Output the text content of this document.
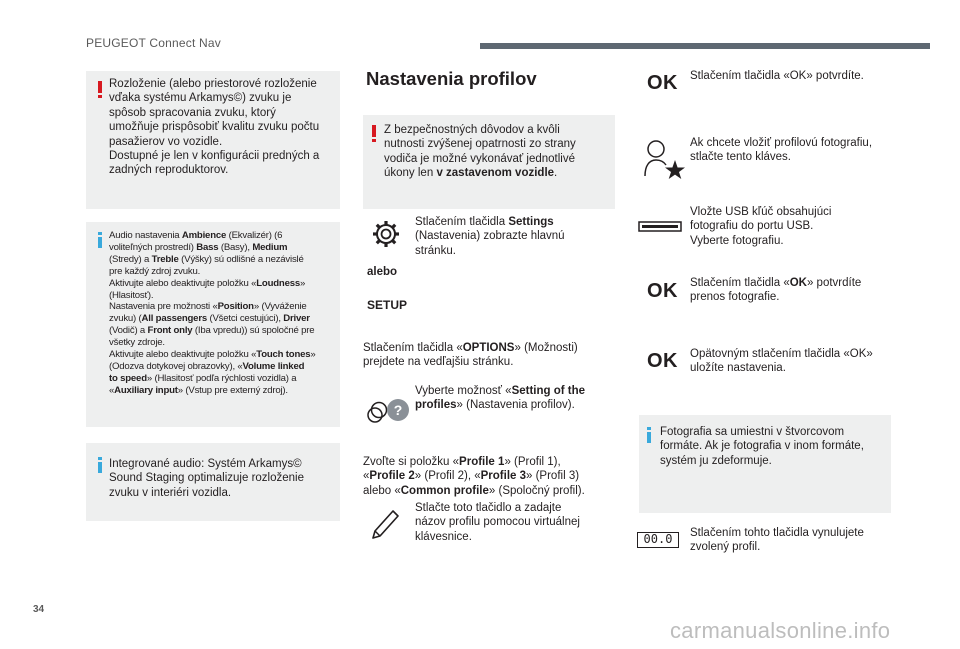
PEUGEOT Connect Nav
Rozloženie (alebo priestorové rozloženie
vďaka systému Arkamys©) zvuku je
spôsob spracovania zvuku, ktorý
umožňuje prispôsobiť kvalitu zvuku počtu
pasažierov vo vozidle.
Dostupné je len v konfigurácii predných a
zadných reproduktorov.
Audio nastavenia Ambience (Ekvalizér) (6
voliteľných prostredí) Bass (Basy), Medium
(Stredy) a Treble (Výšky) sú odlišné a nezávislé
pre každý zdroj zvuku.
Aktivujte alebo deaktivujte položku «Loudness»
(Hlasitosť).
Nastavenia pre možnosti «Position» (Vyváženie
zvuku) (All passengers (Všetci cestujúci), Driver
(Vodič) a Front only (Iba vpredu)) sú spoločné pre
všetky zdroje.
Aktivujte alebo deaktivujte položku «Touch tones»
(Odozva dotykovej obrazovky), «Volume linked
to speed» (Hlasitosť podľa rýchlosti vozidla) a
«Auxiliary input» (Vstup pre externý zdroj).
Integrované audio: Systém Arkamys©
Sound Staging optimalizuje rozloženie
zvuku v interiéri vozidla.
Nastavenia profilov
Z bezpečnostných dôvodov a kvôli
nutnosti zvýšenej opatrnosti zo strany
vodiča je možné vykonávať jednotlivé
úkony len v zastavenom vozidle.
Stlačením tlačidla Settings
(Nastavenia) zobrazte hlavnú
stránku.
alebo
SETUP
Stlačením tlačidla «OPTIONS» (Možnosti)
prejdete na vedľajšiu stránku.
?
Vyberte možnosť «Setting of the
profiles» (Nastavenia profilov).
Zvoľte si položku «Profile 1» (Profil 1),
«Profile 2» (Profil 2), «Profile 3» (Profil 3)
alebo «Common profile» (Spoločný profil).
Stlačte toto tlačidlo a zadajte
názov profilu pomocou virtuálnej
klávesnice.
OK Stlačením tlačidla «OK» potvrdíte.
Ak chcete vložiť profilovú fotografiu,
stlačte tento kláves.
Vložte USB kľúč obsahujúci
fotografiu do portu USB.
Vyberte fotografiu.
OK Stlačením tlačidla «OK» potvrdíte
prenos fotografie.
OK Opätovným stlačením tlačidla «OK»
uložíte nastavenia.
Fotografia sa umiestni v štvorcovom
formáte. Ak je fotografia v inom formáte,
systém ju zdeformuje.
00.0	Stlačením tohto tlačidla vynulujete
zvolený profil.
34
carmanualsonline.info
